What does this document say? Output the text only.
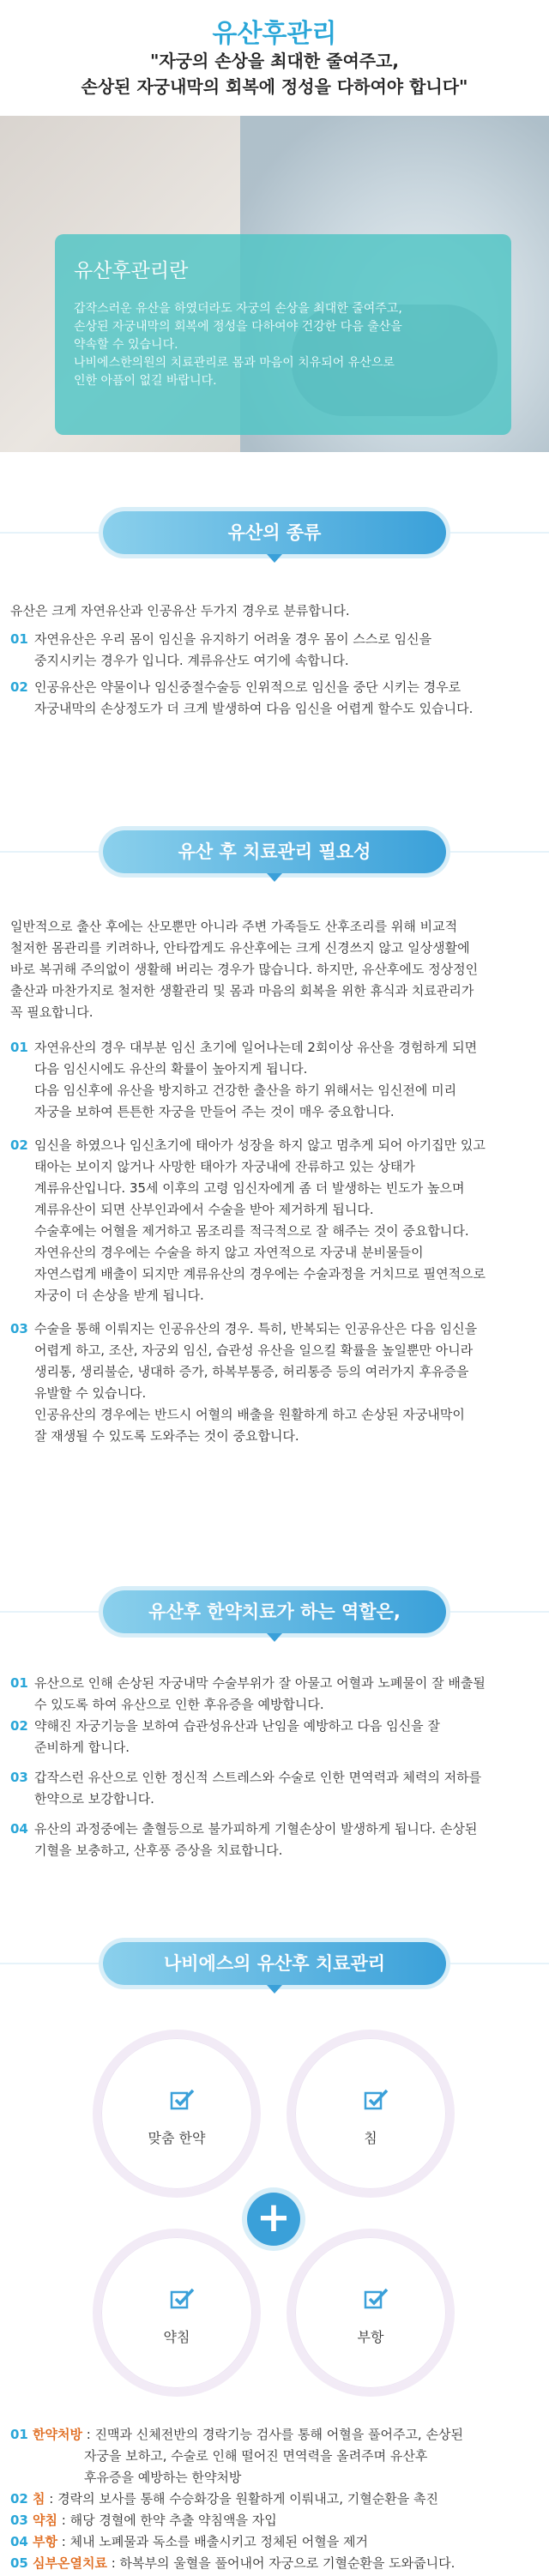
유산후관리
"자궁의 손상을 최대한 줄여주고,
손상된 자궁내막의 회복에 정성을 다하여야 합니다"
유산후관리란

갑작스러운 유산을 하였더라도 자궁의 손상을 최대한 줄여주고,

손상된 자궁내막의 회복에 정성을 다하여야 건강한 다음 출산을

약속할 수 있습니다.

나비에스한의원의 치료관리로 몸과 마음이 치유되어 유산으로

인한 아픔이 없길 바랍니다.

유산의 종류

유산은 크게 자연유산과 인공유산 두가지 경우로 분류합니다.

01 자연유산은 우리 몸이 임신을 유지하기 어려울 경우 몸이 스스로 임신을
중지시키는 경우가 입니다. 계류유산도 여기에 속합니다.
02 인공유산은 약물이나 임신중절수술등 인위적으로 임신을 중단 시키는 경우로
자궁내막의 손상정도가 더 크게 발생하여 다음 임신을 어렵게 할수도 있습니다.
유산 후 치료관리 필요성

일반적으로 출산 후에는 산모뿐만 아니라 주변 가족들도 산후조리를 위해 비교적
철저한 몸관리를 키려하나, 안타깝게도 유산후에는 크게 신경쓰지 않고 일상생활에
바로 복귀해 주의없이 생활해 버리는 경우가 많습니다. 하지만, 유산후에도 정상정인
출산과 마찬가지로 철저한 생활관리 및 몸과 마음의 회복을 위한 휴식과 치료관리가
꼭 필요합니다.

01 자연유산의 경우 대부분 임신 초기에 일어나는데 2회이상 유산을 경험하게 되면
다음 임신시에도 유산의 확률이 높아지게 됩니다.
다음 임신후에 유산을 방지하고 건강한 출산을 하기 위해서는 임신전에 미리
자궁을 보하여 튼튼한 자궁을 만들어 주는 것이 매우 중요합니다.
02 임신을 하였으나 임신초기에 태아가 성장을 하지 않고 멈추게 되어 아기집만 있고
태아는 보이지 않거나 사망한 태아가 자궁내에 잔류하고 있는 상태가
계류유산입니다. 35세 이후의 고령 임신자에게 좀 더 발생하는 빈도가 높으며
계류유산이 되면 산부인과에서 수술을 받아 제거하게 됩니다.
수술후에는 어혈을 제거하고 몸조리를 적극적으로 잘 해주는 것이 중요합니다.
자연유산의 경우에는 수술을 하지 않고 자연적으로 자궁내 분비물들이
자연스럽게 배출이 되지만 계류유산의 경우에는 수술과정을 거치므로 필연적으로
자궁이 더 손상을 받게 됩니다.
03 수술을 통해 이뤄지는 인공유산의 경우. 특히, 반복되는 인공유산은 다음 임신을
어렵게 하고, 조산, 자궁외 임신, 습관성 유산을 일으킬 확률을 높일뿐만 아니라
생리통, 생리불순, 냉대하 증가, 하복부통증, 허리통증 등의 여러가지 후유증을
유발할 수 있습니다.
인공유산의 경우에는 반드시 어혈의 배출을 원활하게 하고 손상된 자궁내막이
잘 재생될 수 있도록 도와주는 것이 중요합니다.
유산후 한약치료가 하는 역할은,
01 유산으로 인해 손상된 자궁내막 수술부위가 잘 아물고 어혈과 노폐물이 잘 배출될
수 있도록 하여 유산으로 인한 후유증을 예방합니다.
02 약해진 자궁기능을 보하여 습관성유산과 난임을 예방하고 다음 임신을 잘
준비하게 합니다.
03 갑작스런 유산으로 인한 정신적 스트레스와 수술로 인한 면역력과 체력의 저하를
한약으로 보강합니다.
04 유산의 과정중에는 출혈등으로 불가피하게 기혈손상이 발생하게 됩니다. 손상된
기혈을 보충하고, 산후풍 증상을 치료합니다.
나비에스의 유산후 치료관리
맞춤 한약	침
약침	부항
+
01 한약처방 : 진맥과 신체전반의 경락기능 검사를 통해 어혈을 풀어주고, 손상된
자궁을 보하고, 수술로 인해 떨어진 면역력을 올려주며 유산후
후유증을 예방하는 한약처방
02 침 : 경락의 보사를 통해 수승화강을 원활하게 이뤄내고, 기혈순환을 촉진
03 약침 : 해당 경혈에 한약 추출 약침액을 자입
04 부항 : 체내 노폐물과 독소를 배출시키고 정체된 어혈을 제거
05 심부온열치료 : 하복부의 울혈을 풀어내어 자궁으로 기혈순환을 도와줍니다.
